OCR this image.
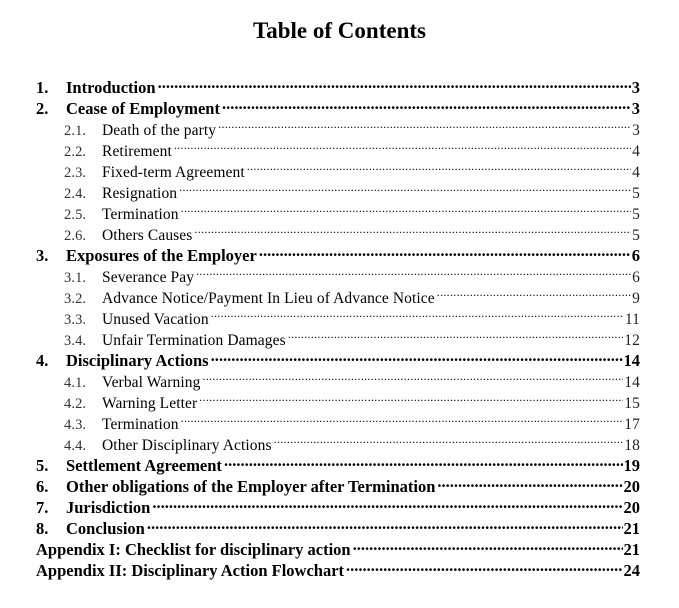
Table of Contents
1.	Introduction .....	3
2.	Cease of Employment .....	3
2.1.	Death of the party .....	3
2.2.	Retirement .....	4
2.3.	Fixed-term Agreement .....	4
2.4.	Resignation .....	5
2.5.	Termination .....	5
2.6.	Others Causes .....	5
3.	Exposures of the Employer .....	6
3.1.	Severance Pay .....	6
3.2.	Advance Notice/Payment In Lieu of Advance Notice .....	9
3.3.	Unused Vacation .....	11
3.4.	Unfair Termination Damages .....	12
4.	Disciplinary Actions .....	14
4.1.	Verbal Warning .....	14
4.2.	Warning Letter .....	15
4.3.	Termination .....	17
4.4.	Other Disciplinary Actions .....	18
5.	Settlement Agreement .....	19
6.	Other obligations of the Employer after Termination .....	20
7.	Jurisdiction .....	20
8.	Conclusion .....	21
Appendix I: Checklist for disciplinary action .....	21
Appendix II: Disciplinary Action Flowchart .....	24
